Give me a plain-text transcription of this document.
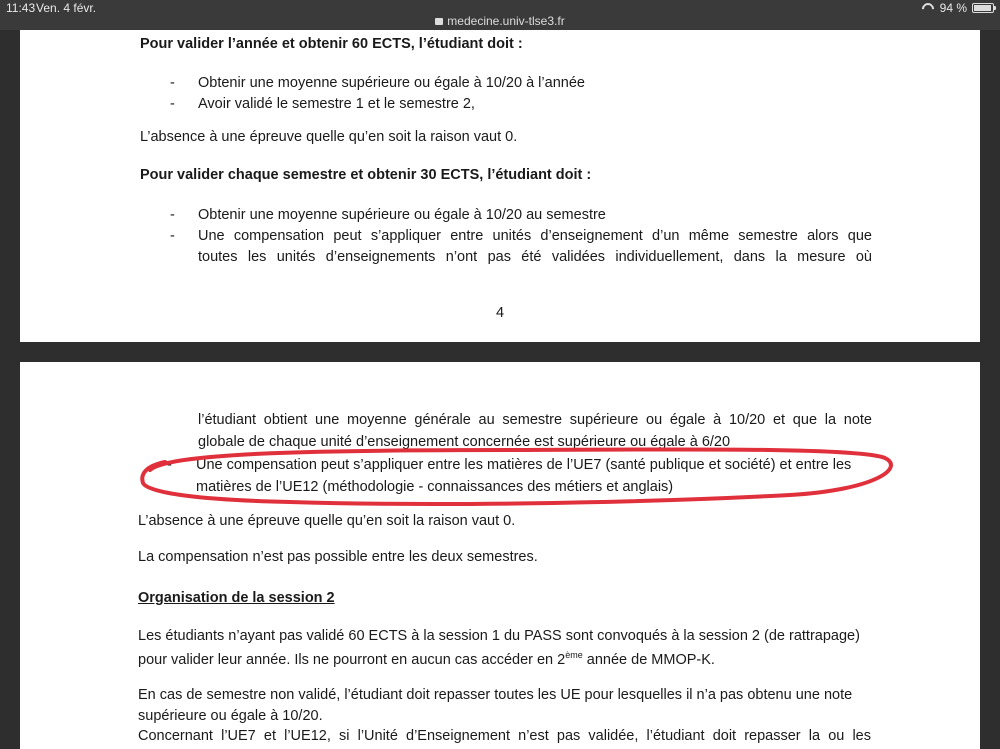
11:43 Ven. 4 févr.
medecine.univ-tlse3.fr
94 %
Pour valider l’année et obtenir 60 ECTS, l’étudiant doit :
- Obtenir une moyenne supérieure ou égale à 10/20 à l’année
- Avoir validé le semestre 1 et le semestre 2,
L’absence à une épreuve quelle qu’en soit la raison vaut 0.
Pour valider chaque semestre et obtenir 30 ECTS, l’étudiant doit :
- Obtenir une moyenne supérieure ou égale à 10/20 au semestre
- Une compensation peut s’appliquer entre unités d’enseignement d’un même semestre alors que
toutes les unités d’enseignements n’ont pas été validées individuellement, dans la mesure où
4
l’étudiant obtient une moyenne générale au semestre supérieure ou égale à 10/20 et que la note
globale de chaque unité d’enseignement concernée est supérieure ou égale à 6/20
- Une compensation peut s’appliquer entre les matières de l’UE7 (santé publique et société) et entre les
matières de l’UE12 (méthodologie - connaissances des métiers et anglais)
L’absence à une épreuve quelle qu’en soit la raison vaut 0.
La compensation n’est pas possible entre les deux semestres.
Organisation de la session 2
Les étudiants n’ayant pas validé 60 ECTS à la session 1 du PASS sont convoqués à la session 2 (de rattrapage)
pour valider leur année. Ils ne pourront en aucun cas accéder en 2ème année de MMOP-K.
En cas de semestre non validé, l’étudiant doit repasser toutes les UE pour lesquelles il n’a pas obtenu une note
supérieure ou égale à 10/20.
Concernant l’UE7 et l’UE12, si l’Unité d’Enseignement n’est pas validée, l’étudiant doit repasser la ou les
